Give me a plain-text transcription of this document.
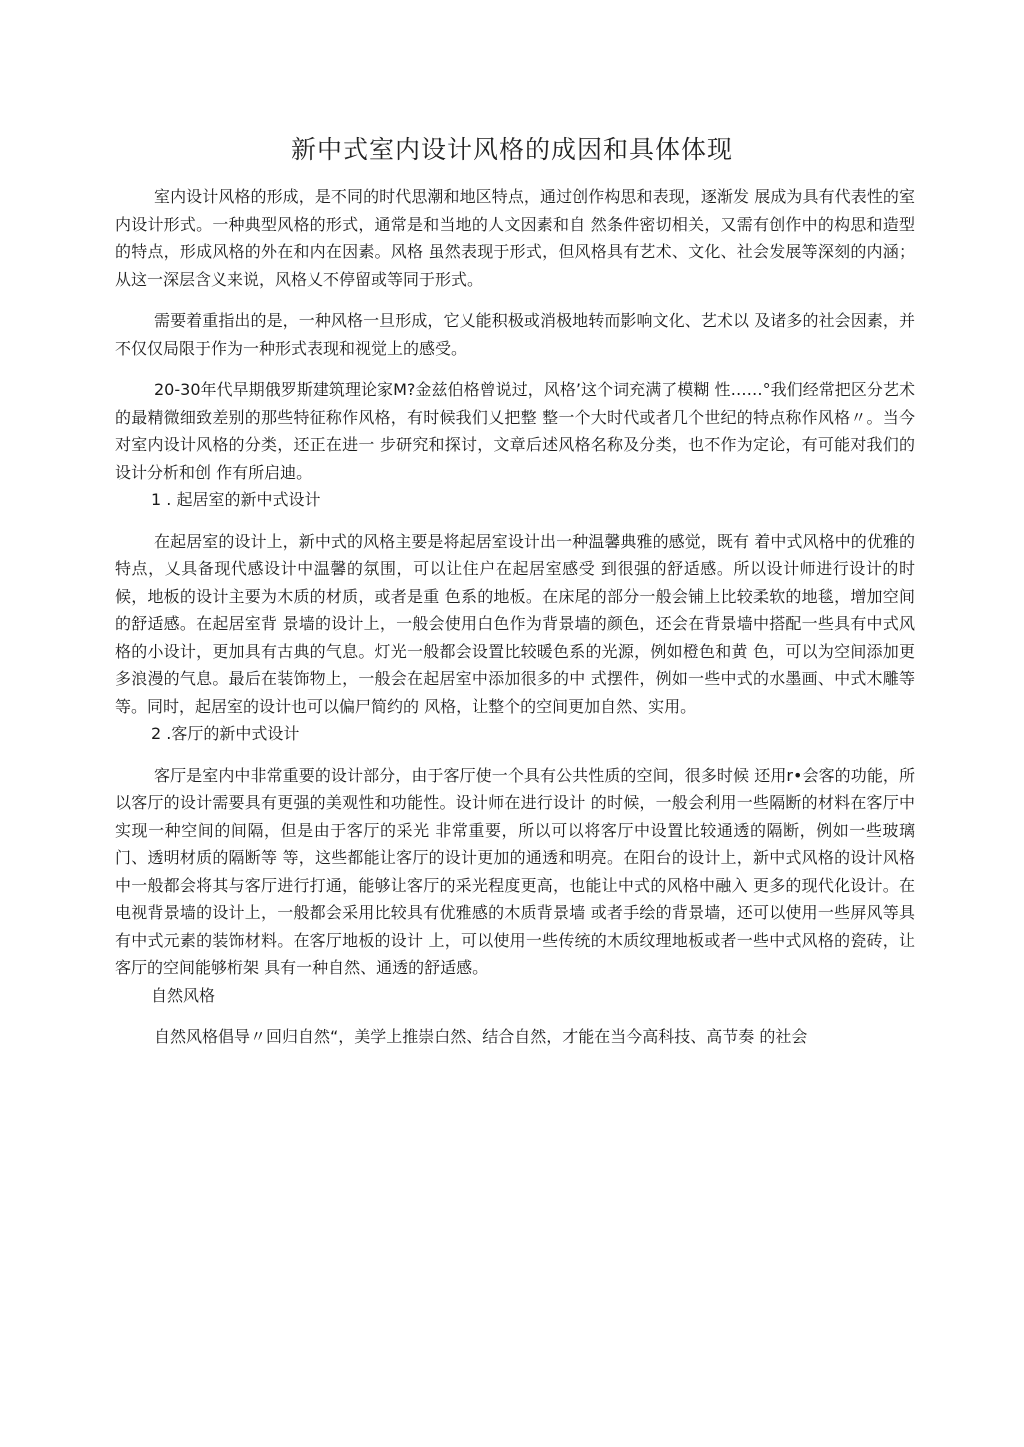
新中式室内设计风格的成因和具体体现

室内设计风格的形成，是不同的时代思潮和地区特点，通过创作构思和表现，逐渐发 展成为具有代表性的室内设计形式。一种典型风格的形式，通常是和当地的人文因素和自 然条件密切相关，又需有创作中的构思和造型的特点，形成风格的外在和内在因素。风格 虽然表现于形式，但风格具有艺术、文化、社会发展等深刻的内涵；从这一深层含义来说，风格乂不停留或等同于形式。

需要着重指出的是，一种风格一旦形成，它乂能积极或消极地转而影响文化、艺术以 及诸多的社会因素，并不仅仅局限于作为一种形式表现和视觉上的感受。

20-30年代早期俄罗斯建筑理论家M?金兹伯格曾说过，风格’这个词充满了模糊 性……°我们经常把区分艺术的最精微细致差别的那些特征称作风格，有时候我们乂把整 整一个大时代或者几个世纪的特点称作风格〃。当今对室内设计风格的分类，还正在进一 步研究和探讨，文章后述风格名称及分类，也不作为定论，有可能对我们的设计分析和创 作有所启迪。

1 . 起居室的新中式设计

在起居室的设计上，新中式的风格主要是将起居室设计出一种温馨典雅的感觉，既有 着中式风格中的优雅的特点，乂具备现代感设计中温馨的氛围，可以让住户在起居室感受 到很强的舒适感。所以设计师进行设计的时候，地板的设计主要为木质的材质，或者是重 色系的地板。在床尾的部分一般会铺上比较柔软的地毯，增加空间的舒适感。在起居室背 景墙的设计上，一般会使用白色作为背景墙的颜色，还会在背景墙中搭配一些具有中式风 格的小设计，更加具有古典的气息。灯光一般都会设置比较暖色系的光源，例如橙色和黄 色，可以为空间添加更多浪漫的气息。最后在装饰物上，一般会在起居室中添加很多的中 式摆件，例如一些中式的水墨画、中式木雕等等。同时，起居室的设计也可以偏尸简约的 风格，让整个的空间更加自然、实用。

2 .客厅的新中式设计

客厅是室内中非常重要的设计部分，由于客厅使一个具有公共性质的空间，很多时候 还用r•会客的功能，所以客厅的设计需要具有更强的美观性和功能性。设计师在进行设计 的时候，一般会利用一些隔断的材料在客厅中实现一种空间的间隔，但是由于客厅的采光 非常重要，所以可以将客厅中设置比较通透的隔断，例如一些玻璃门、透明材质的隔断等 等，这些都能让客厅的设计更加的通透和明亮。在阳台的设计上，新中式风格的设计风格 中一般都会将其与客厅进行打通，能够让客厅的采光程度更高，也能让中式的风格中融入 更多的现代化设计。在电视背景墙的设计上，一般都会采用比较具有优雅感的木质背景墙 或者手绘的背景墙，还可以使用一些屏风等具有中式元素的装饰材料。在客厅地板的设计 上，可以使用一些传统的木质纹理地板或者一些中式风格的瓷砖，让客厅的空间能够桁架 具有一种自然、通透的舒适感。

自然风格

自然风格倡导〃回归自然“，美学上推崇白然、结合自然，才能在当今高科技、高节奏 的社会
